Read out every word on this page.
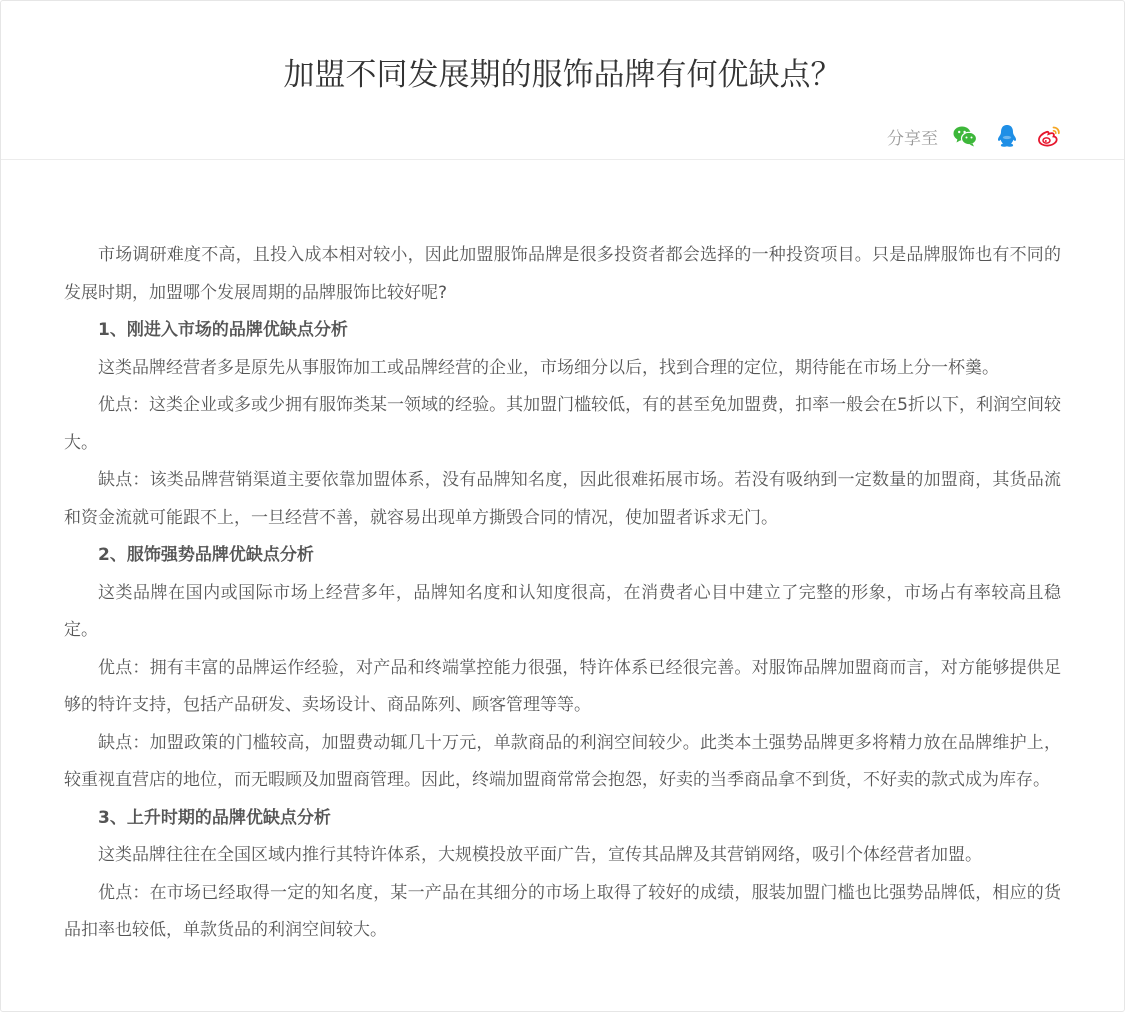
加盟不同发展期的服饰品牌有何优缺点？
分享至

市场调研难度不高，且投入成本相对较小，因此加盟服饰品牌是很多投资者都会选择的一种投资项目。只是品牌服饰也有不同的发展时期，加盟哪个发展周期的品牌服饰比较好呢?

1、刚进入市场的品牌优缺点分析

这类品牌经营者多是原先从事服饰加工或品牌经营的企业，市场细分以后，找到合理的定位，期待能在市场上分一杯羹。

优点：这类企业或多或少拥有服饰类某一领域的经验。其加盟门槛较低，有的甚至免加盟费，扣率一般会在5折以下，利润空间较大。

缺点：该类品牌营销渠道主要依靠加盟体系，没有品牌知名度，因此很难拓展市场。若没有吸纳到一定数量的加盟商，其货品流和资金流就可能跟不上，一旦经营不善，就容易出现单方撕毁合同的情况，使加盟者诉求无门。

2、服饰强势品牌优缺点分析

这类品牌在国内或国际市场上经营多年，品牌知名度和认知度很高，在消费者心目中建立了完整的形象，市场占有率较高且稳定。

优点：拥有丰富的品牌运作经验，对产品和终端掌控能力很强，特许体系已经很完善。对服饰品牌加盟商而言，对方能够提供足够的特许支持，包括产品研发、卖场设计、商品陈列、顾客管理等等。

缺点：加盟政策的门槛较高，加盟费动辄几十万元，单款商品的利润空间较少。此类本土强势品牌更多将精力放在品牌维护上，较重视直营店的地位，而无暇顾及加盟商管理。因此，终端加盟商常常会抱怨，好卖的当季商品拿不到货，不好卖的款式成为库存。

3、上升时期的品牌优缺点分析

这类品牌往往在全国区域内推行其特许体系，大规模投放平面广告，宣传其品牌及其营销网络，吸引个体经营者加盟。

优点：在市场已经取得一定的知名度，某一产品在其细分的市场上取得了较好的成绩，服装加盟门槛也比强势品牌低，相应的货品扣率也较低，单款货品的利润空间较大。
